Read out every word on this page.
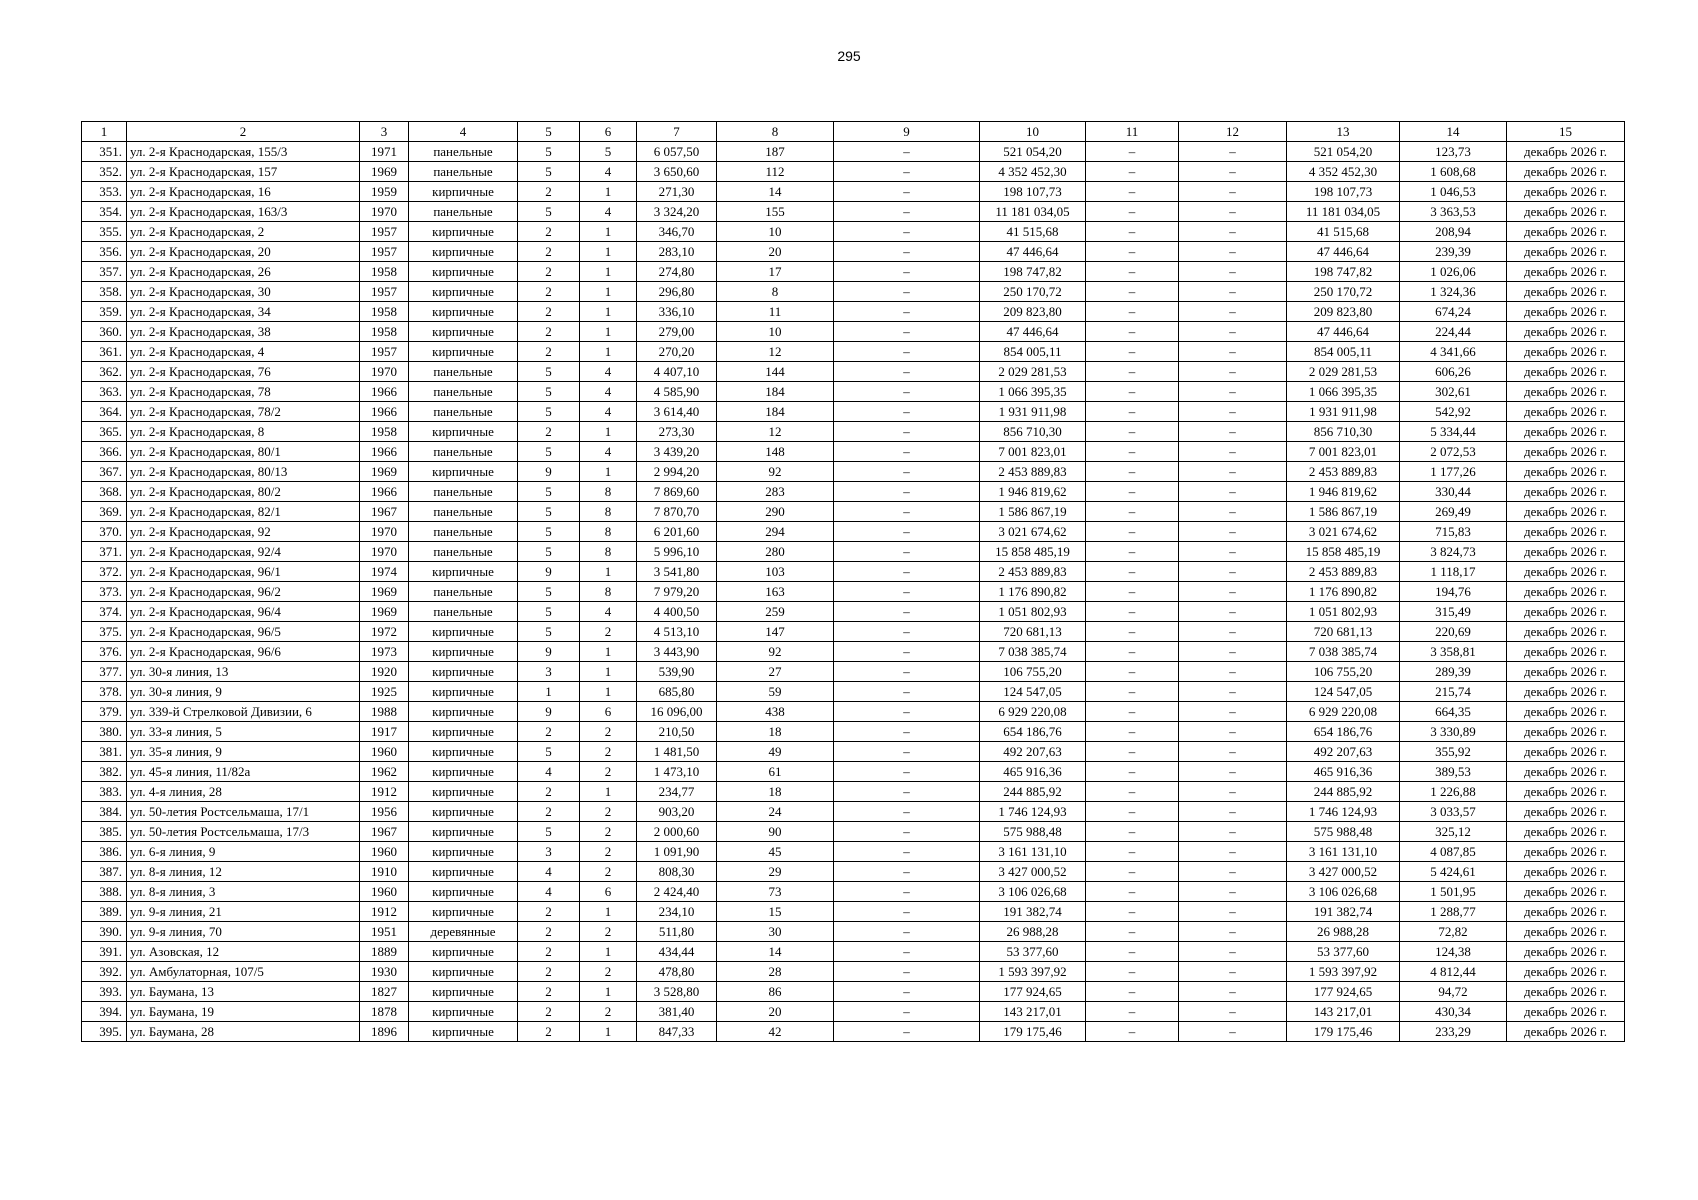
295
1	2	3	4	5	6	7	8	9	10	11	12	13	14	15
351.	ул. 2-я Краснодарская, 155/3	1971	панельные	5	5	6 057,50	187	–	521 054,20	–	–	521 054,20	123,73	декабрь 2026 г.
352.	ул. 2-я Краснодарская, 157	1969	панельные	5	4	3 650,60	112	–	4 352 452,30	–	–	4 352 452,30	1 608,68	декабрь 2026 г.
353.	ул. 2-я Краснодарская, 16	1959	кирпичные	2	1	271,30	14	–	198 107,73	–	–	198 107,73	1 046,53	декабрь 2026 г.
354.	ул. 2-я Краснодарская, 163/3	1970	панельные	5	4	3 324,20	155	–	11 181 034,05	–	–	11 181 034,05	3 363,53	декабрь 2026 г.
355.	ул. 2-я Краснодарская, 2	1957	кирпичные	2	1	346,70	10	–	41 515,68	–	–	41 515,68	208,94	декабрь 2026 г.
356.	ул. 2-я Краснодарская, 20	1957	кирпичные	2	1	283,10	20	–	47 446,64	–	–	47 446,64	239,39	декабрь 2026 г.
357.	ул. 2-я Краснодарская, 26	1958	кирпичные	2	1	274,80	17	–	198 747,82	–	–	198 747,82	1 026,06	декабрь 2026 г.
358.	ул. 2-я Краснодарская, 30	1957	кирпичные	2	1	296,80	8	–	250 170,72	–	–	250 170,72	1 324,36	декабрь 2026 г.
359.	ул. 2-я Краснодарская, 34	1958	кирпичные	2	1	336,10	11	–	209 823,80	–	–	209 823,80	674,24	декабрь 2026 г.
360.	ул. 2-я Краснодарская, 38	1958	кирпичные	2	1	279,00	10	–	47 446,64	–	–	47 446,64	224,44	декабрь 2026 г.
361.	ул. 2-я Краснодарская, 4	1957	кирпичные	2	1	270,20	12	–	854 005,11	–	–	854 005,11	4 341,66	декабрь 2026 г.
362.	ул. 2-я Краснодарская, 76	1970	панельные	5	4	4 407,10	144	–	2 029 281,53	–	–	2 029 281,53	606,26	декабрь 2026 г.
363.	ул. 2-я Краснодарская, 78	1966	панельные	5	4	4 585,90	184	–	1 066 395,35	–	–	1 066 395,35	302,61	декабрь 2026 г.
364.	ул. 2-я Краснодарская, 78/2	1966	панельные	5	4	3 614,40	184	–	1 931 911,98	–	–	1 931 911,98	542,92	декабрь 2026 г.
365.	ул. 2-я Краснодарская, 8	1958	кирпичные	2	1	273,30	12	–	856 710,30	–	–	856 710,30	5 334,44	декабрь 2026 г.
366.	ул. 2-я Краснодарская, 80/1	1966	панельные	5	4	3 439,20	148	–	7 001 823,01	–	–	7 001 823,01	2 072,53	декабрь 2026 г.
367.	ул. 2-я Краснодарская, 80/13	1969	кирпичные	9	1	2 994,20	92	–	2 453 889,83	–	–	2 453 889,83	1 177,26	декабрь 2026 г.
368.	ул. 2-я Краснодарская, 80/2	1966	панельные	5	8	7 869,60	283	–	1 946 819,62	–	–	1 946 819,62	330,44	декабрь 2026 г.
369.	ул. 2-я Краснодарская, 82/1	1967	панельные	5	8	7 870,70	290	–	1 586 867,19	–	–	1 586 867,19	269,49	декабрь 2026 г.
370.	ул. 2-я Краснодарская, 92	1970	панельные	5	8	6 201,60	294	–	3 021 674,62	–	–	3 021 674,62	715,83	декабрь 2026 г.
371.	ул. 2-я Краснодарская, 92/4	1970	панельные	5	8	5 996,10	280	–	15 858 485,19	–	–	15 858 485,19	3 824,73	декабрь 2026 г.
372.	ул. 2-я Краснодарская, 96/1	1974	кирпичные	9	1	3 541,80	103	–	2 453 889,83	–	–	2 453 889,83	1 118,17	декабрь 2026 г.
373.	ул. 2-я Краснодарская, 96/2	1969	панельные	5	8	7 979,20	163	–	1 176 890,82	–	–	1 176 890,82	194,76	декабрь 2026 г.
374.	ул. 2-я Краснодарская, 96/4	1969	панельные	5	4	4 400,50	259	–	1 051 802,93	–	–	1 051 802,93	315,49	декабрь 2026 г.
375.	ул. 2-я Краснодарская, 96/5	1972	кирпичные	5	2	4 513,10	147	–	720 681,13	–	–	720 681,13	220,69	декабрь 2026 г.
376.	ул. 2-я Краснодарская, 96/6	1973	кирпичные	9	1	3 443,90	92	–	7 038 385,74	–	–	7 038 385,74	3 358,81	декабрь 2026 г.
377.	ул. 30-я линия, 13	1920	кирпичные	3	1	539,90	27	–	106 755,20	–	–	106 755,20	289,39	декабрь 2026 г.
378.	ул. 30-я линия, 9	1925	кирпичные	1	1	685,80	59	–	124 547,05	–	–	124 547,05	215,74	декабрь 2026 г.
379.	ул. 339-й Стрелковой Дивизии, 6	1988	кирпичные	9	6	16 096,00	438	–	6 929 220,08	–	–	6 929 220,08	664,35	декабрь 2026 г.
380.	ул. 33-я линия, 5	1917	кирпичные	2	2	210,50	18	–	654 186,76	–	–	654 186,76	3 330,89	декабрь 2026 г.
381.	ул. 35-я линия, 9	1960	кирпичные	5	2	1 481,50	49	–	492 207,63	–	–	492 207,63	355,92	декабрь 2026 г.
382.	ул. 45-я линия, 11/82а	1962	кирпичные	4	2	1 473,10	61	–	465 916,36	–	–	465 916,36	389,53	декабрь 2026 г.
383.	ул. 4-я линия, 28	1912	кирпичные	2	1	234,77	18	–	244 885,92	–	–	244 885,92	1 226,88	декабрь 2026 г.
384.	ул. 50-летия Ростсельмаша, 17/1	1956	кирпичные	2	2	903,20	24	–	1 746 124,93	–	–	1 746 124,93	3 033,57	декабрь 2026 г.
385.	ул. 50-летия Ростсельмаша, 17/3	1967	кирпичные	5	2	2 000,60	90	–	575 988,48	–	–	575 988,48	325,12	декабрь 2026 г.
386.	ул. 6-я линия, 9	1960	кирпичные	3	2	1 091,90	45	–	3 161 131,10	–	–	3 161 131,10	4 087,85	декабрь 2026 г.
387.	ул. 8-я линия, 12	1910	кирпичные	4	2	808,30	29	–	3 427 000,52	–	–	3 427 000,52	5 424,61	декабрь 2026 г.
388.	ул. 8-я линия, 3	1960	кирпичные	4	6	2 424,40	73	–	3 106 026,68	–	–	3 106 026,68	1 501,95	декабрь 2026 г.
389.	ул. 9-я линия, 21	1912	кирпичные	2	1	234,10	15	–	191 382,74	–	–	191 382,74	1 288,77	декабрь 2026 г.
390.	ул. 9-я линия, 70	1951	деревянные	2	2	511,80	30	–	26 988,28	–	–	26 988,28	72,82	декабрь 2026 г.
391.	ул. Азовская, 12	1889	кирпичные	2	1	434,44	14	–	53 377,60	–	–	53 377,60	124,38	декабрь 2026 г.
392.	ул. Амбулаторная, 107/5	1930	кирпичные	2	2	478,80	28	–	1 593 397,92	–	–	1 593 397,92	4 812,44	декабрь 2026 г.
393.	ул. Баумана, 13	1827	кирпичные	2	1	3 528,80	86	–	177 924,65	–	–	177 924,65	94,72	декабрь 2026 г.
394.	ул. Баумана, 19	1878	кирпичные	2	2	381,40	20	–	143 217,01	–	–	143 217,01	430,34	декабрь 2026 г.
395.	ул. Баумана, 28	1896	кирпичные	2	1	847,33	42	–	179 175,46	–	–	179 175,46	233,29	декабрь 2026 г.
